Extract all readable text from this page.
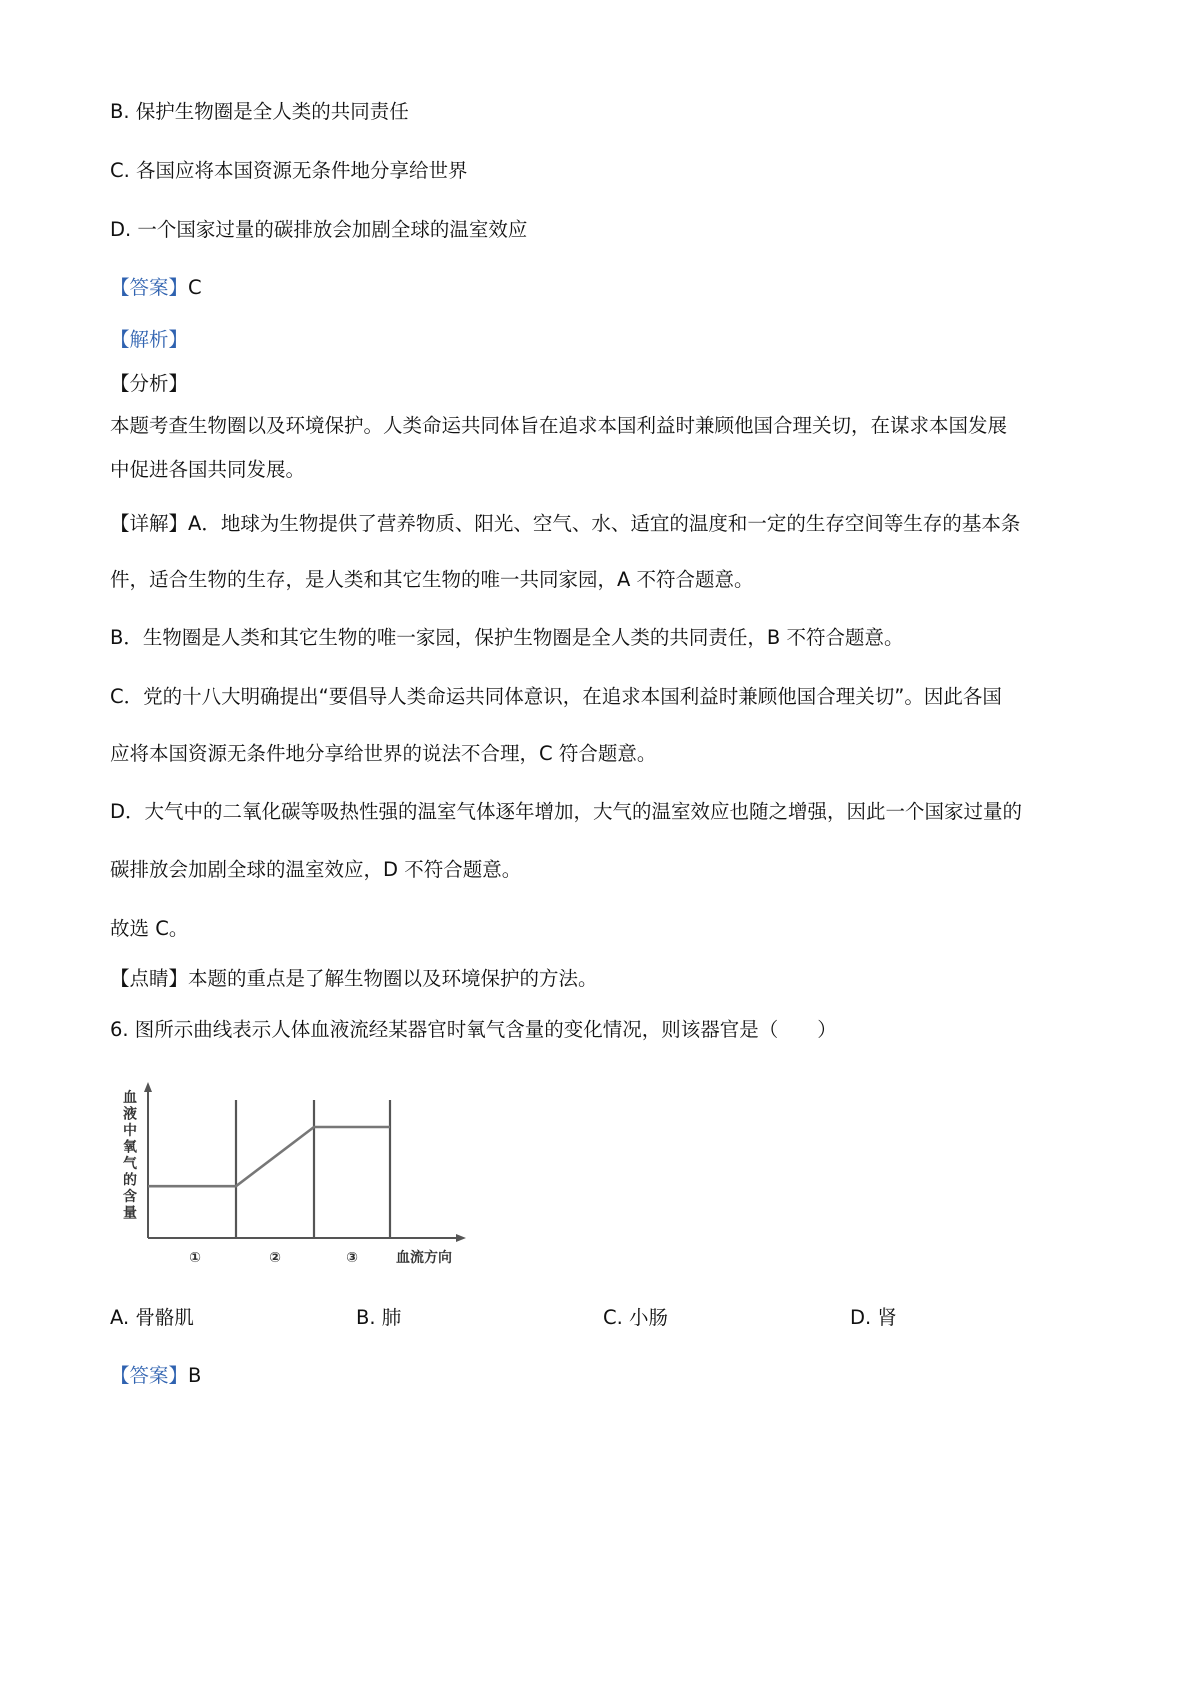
B. 保护生物圈是全人类的共同责任
C. 各国应将本国资源无条件地分享给世界
D. 一个国家过量的碳排放会加剧全球的温室效应
【答案】C
【解析】
【分析】
本题考查生物圈以及环境保护。人类命运共同体旨在追求本国利益时兼顾他国合理关切，在谋求本国发展
中促进各国共同发展。
【详解】A．地球为生物提供了营养物质、阳光、空气、水、适宜的温度和一定的生存空间等生存的基本条
件，适合生物的生存，是人类和其它生物的唯一共同家园，A 不符合题意。
B．生物圈是人类和其它生物的唯一家园，保护生物圈是全人类的共同责任，B 不符合题意。
C．党的十八大明确提出“要倡导人类命运共同体意识，在追求本国利益时兼顾他国合理关切”。因此各国
应将本国资源无条件地分享给世界的说法不合理，C 符合题意。
D．大气中的二氧化碳等吸热性强的温室气体逐年增加，大气的温室效应也随之增强，因此一个国家过量的
碳排放会加剧全球的温室效应，D 不符合题意。
故选 C。
【点睛】本题的重点是了解生物圈以及环境保护的方法。
6. 图所示曲线表示人体血液流经某器官时氧气含量的变化情况，则该器官是（　　）
血
液
中
氧
气
的
含
量
①	②	③	血流方向
A. 骨骼肌	B. 肺	C. 小肠	D. 肾
【答案】B
